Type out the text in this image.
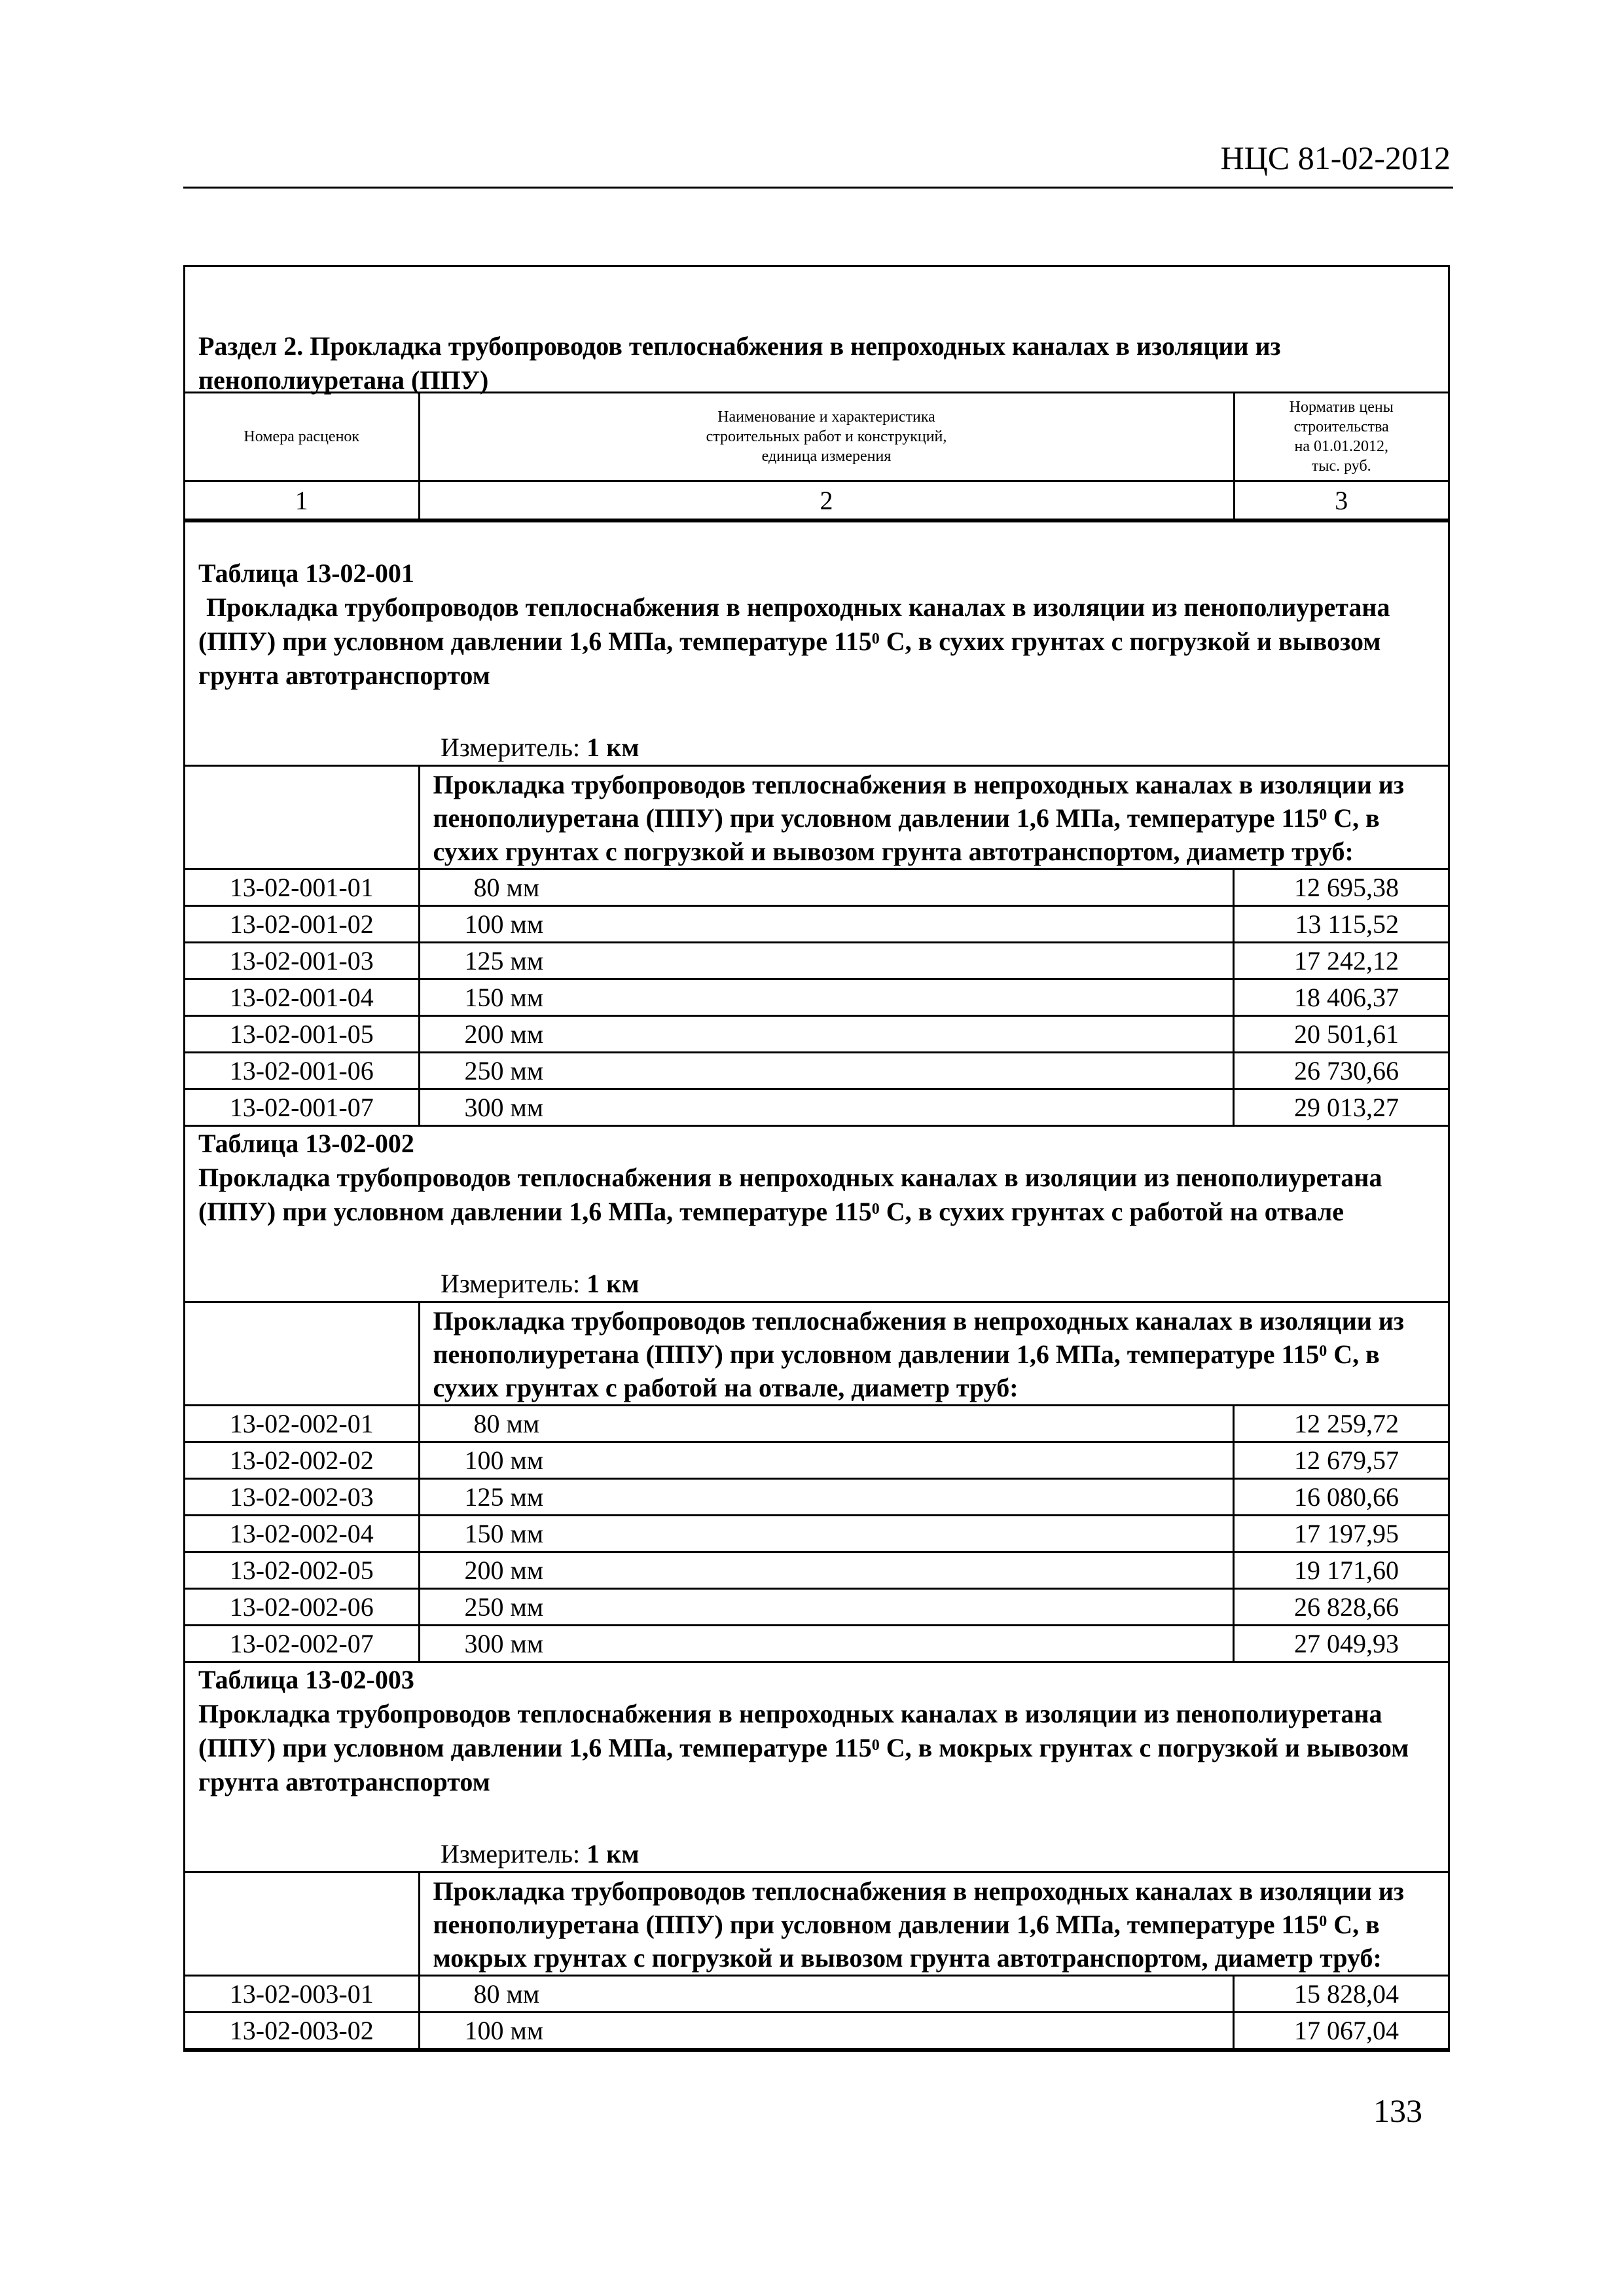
НЦС 81-02-2012
Раздел 2. Прокладка трубопроводов теплоснабжения в непроходных каналах в изоляции из пенополиуретана (ППУ)
Номера расценок	
Наименование и характеристика
строительных работ и конструкций,
единица измерения

Норматив цены
строительства
на 01.01.2012,
тыс. руб.

1	2	3
Таблица 13-02-001
Прокладка трубопроводов теплоснабжения в непроходных каналах в изоляции из пенополиуретана (ППУ) при условном давлении 1,6 МПа, температуре $115^0$ С, в сухих грунтах с погрузкой и вывозом грунта автотранспортом
Измеритель: 1 км
	Прокладка трубопроводов теплоснабжения в непроходных каналах в изоляции из пенополиуретана (ППУ) при условном давлении 1,6 МПа, температуре $115^0$ С, в сухих грунтах с погрузкой и вывозом грунта автотранспортом, диаметр труб:	
13-02-001-01	80 мм	12 695,38
13-02-001-02	100 мм	13 115,52
13-02-001-03	125 мм	17 242,12
13-02-001-04	150 мм	18 406,37
13-02-001-05	200 мм	20 501,61
13-02-001-06	250 мм	26 730,66
13-02-001-07	300 мм	29 013,27
Таблица 13-02-002
Прокладка трубопроводов теплоснабжения в непроходных каналах в изоляции из пенополиуретана (ППУ) при условном давлении 1,6 МПа, температуре $115^0$ С, в сухих грунтах с работой на отвале
Измеритель: 1 км
	Прокладка трубопроводов теплоснабжения в непроходных каналах в изоляции из пенополиуретана (ППУ) при условном давлении 1,6 МПа, температуре $115^0$ С, в сухих грунтах с работой на отвале, диаметр труб:	
13-02-002-01	80 мм	12 259,72
13-02-002-02	100 мм	12 679,57
13-02-002-03	125 мм	16 080,66
13-02-002-04	150 мм	17 197,95
13-02-002-05	200 мм	19 171,60
13-02-002-06	250 мм	26 828,66
13-02-002-07	300 мм	27 049,93
Таблица 13-02-003
Прокладка трубопроводов теплоснабжения в непроходных каналах в изоляции из пенополиуретана (ППУ) при условном давлении 1,6 МПа, температуре $115^0$ С, в мокрых грунтах с погрузкой и вывозом грунта автотранспортом
Измеритель: 1 км
	Прокладка трубопроводов теплоснабжения в непроходных каналах в изоляции из пенополиуретана (ППУ) при условном давлении 1,6 МПа, температуре $115^0$ С, в мокрых грунтах с погрузкой и вывозом грунта автотранспортом, диаметр труб:	
13-02-003-01	80 мм	15 828,04
13-02-003-02	100 мм	17 067,04
133
